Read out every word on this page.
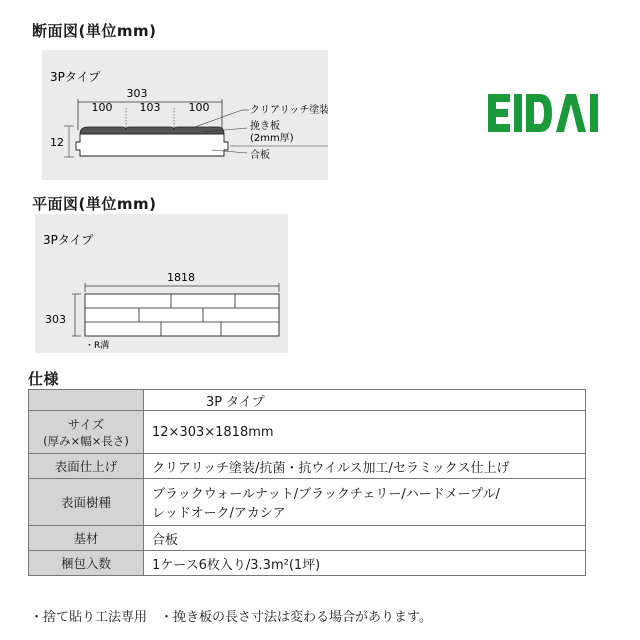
断面図(単位mm)
3Pタイプ
303
100 103	100
12
クリアリッチ塗装
挽き板
(2mm厚)
合板
平面図(単位mm)
3Pタイプ
1818
303
・R溝
仕様
	3P タイプ

サイズ
(厚み×幅×長さ)	12×303×1818mm
表面仕上げ	クリアリッチ塗装/抗菌・抗ウイルス加工/セラミックス仕上げ
表面樹種	ブラックウォールナット/ブラックチェリー/ハードメープル/
レッドオーク/アカシア

基材	合板
梱包入数	1ケース6枚入り/3.3m²(1坪)
・捨て貼り工法専用　・挽き板の長さ寸法は変わる場合があります。
